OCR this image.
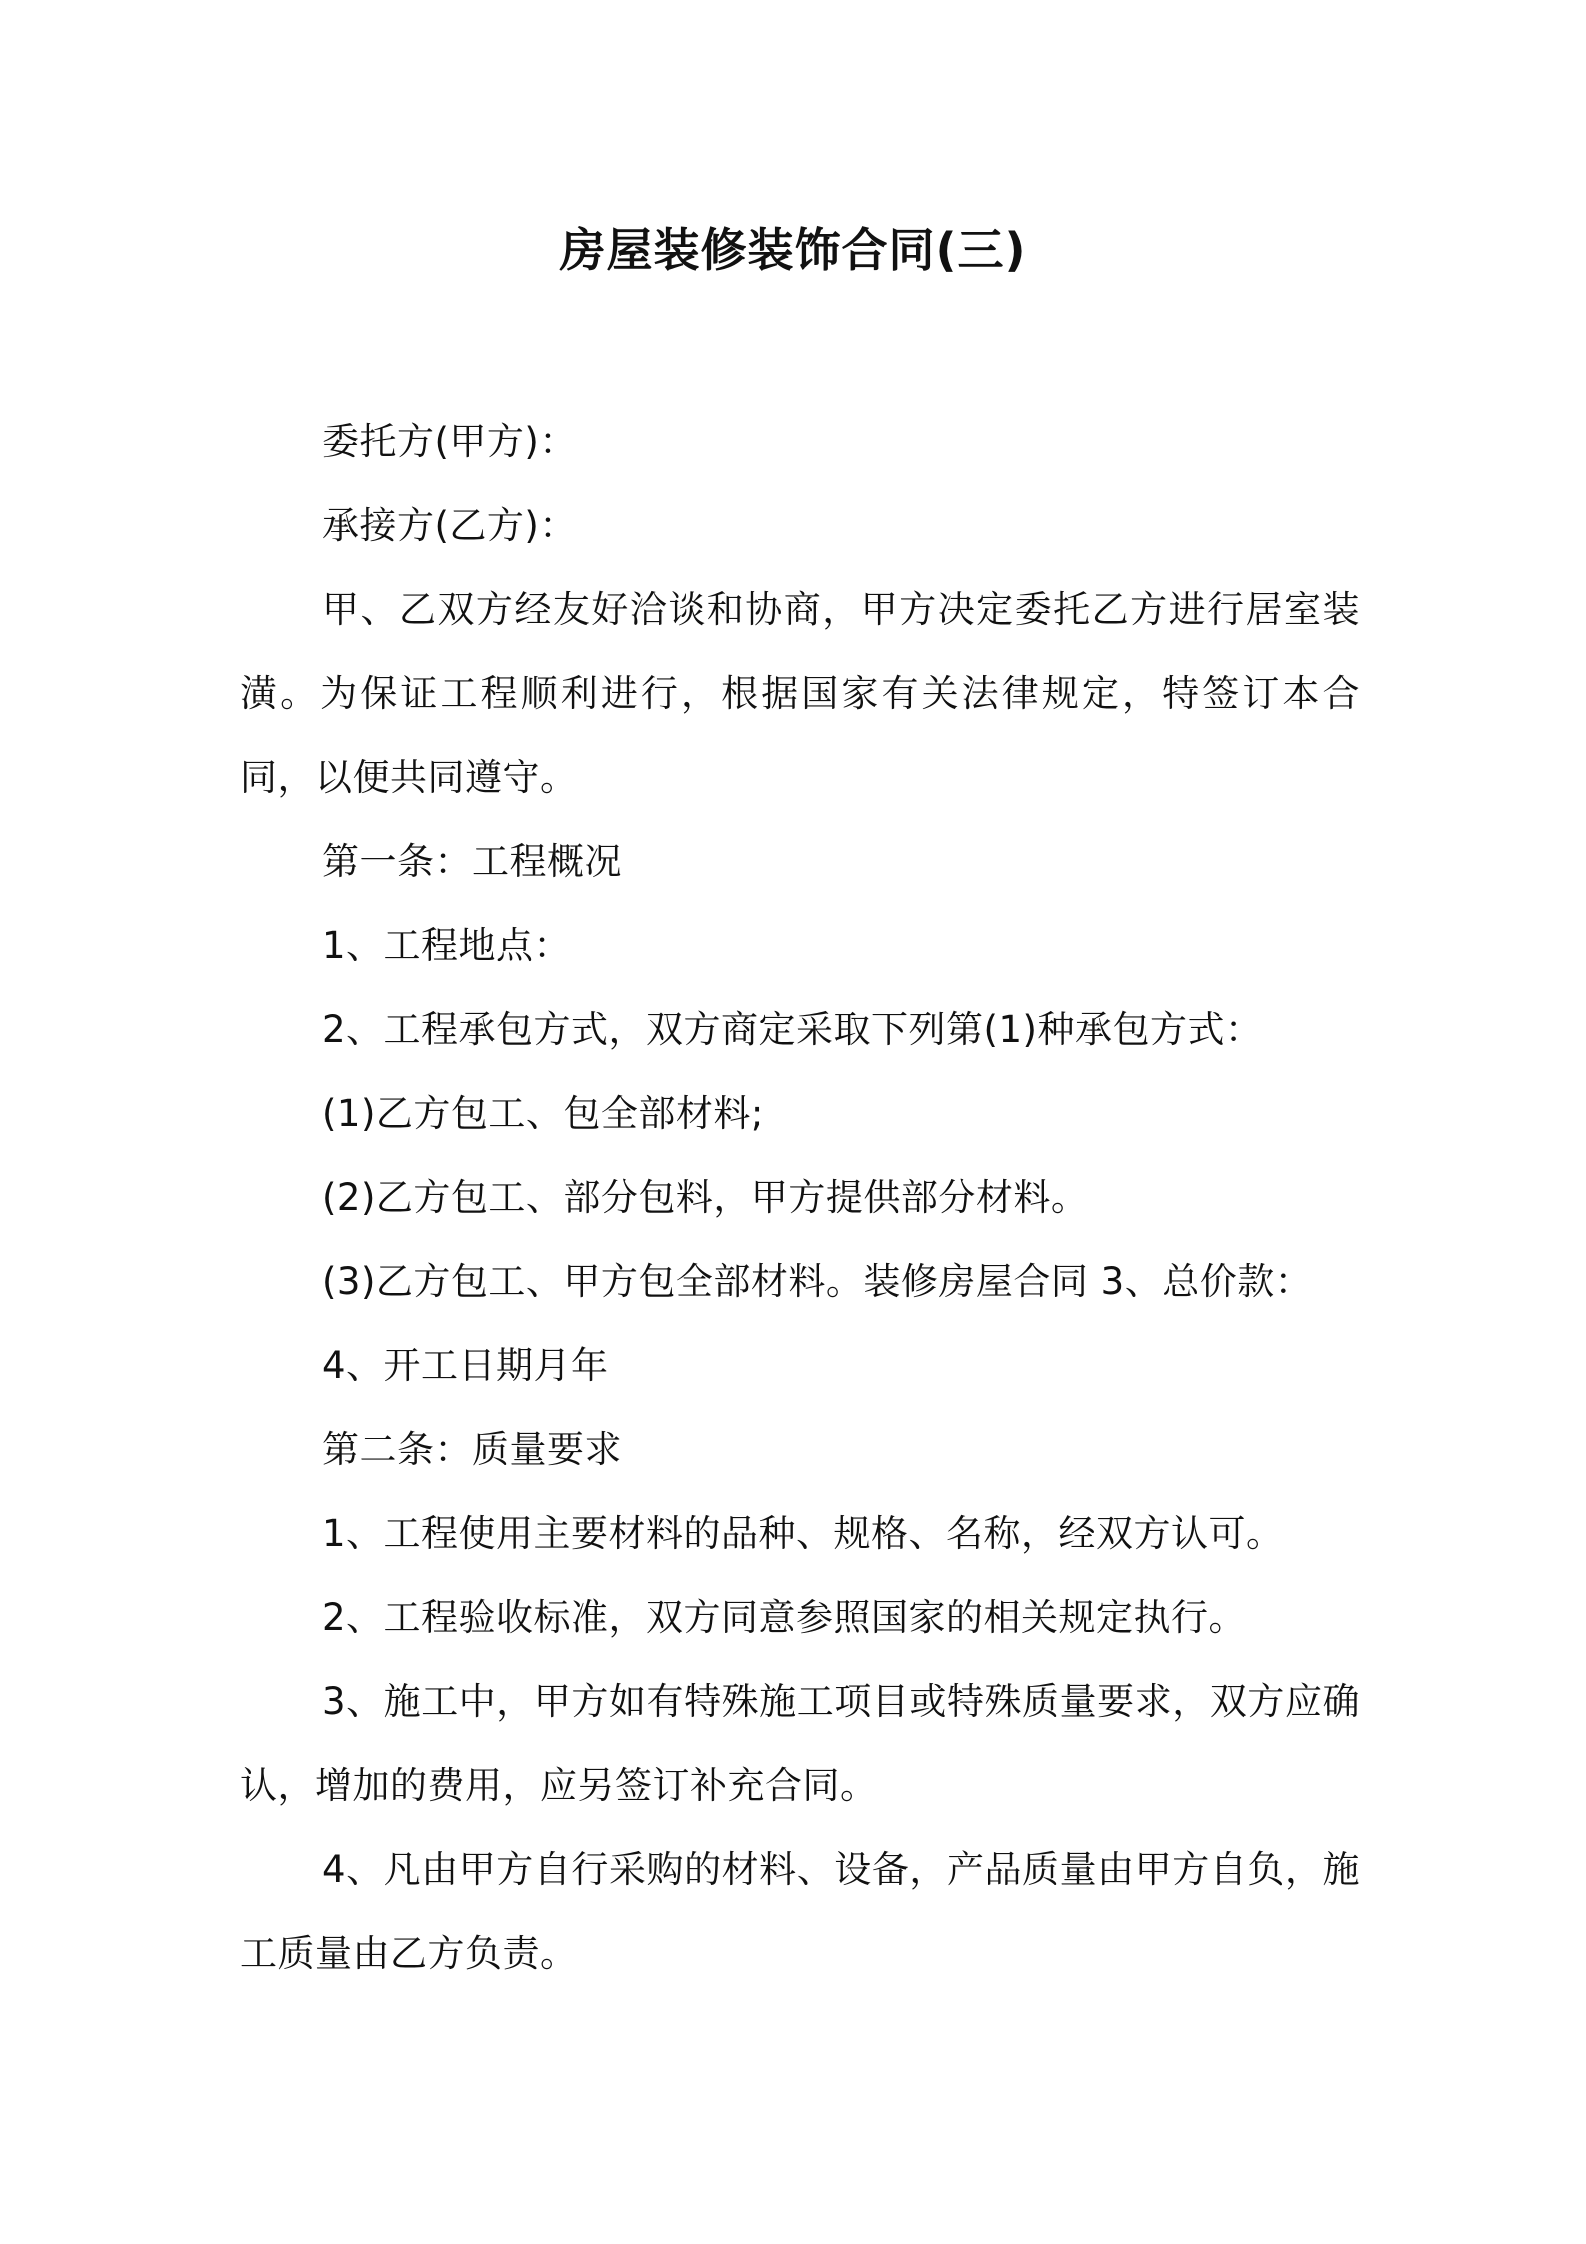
房屋装修装饰合同(三)

委托方(甲方)：

承接方(乙方)：

甲、乙双方经友好洽谈和协商，甲方决定委托乙方进行居室装潢。为保证工程顺利进行，根据国家有关法律规定，特签订本合同，以便共同遵守。

第一条：工程概况

1、工程地点：

2、工程承包方式，双方商定采取下列第(1)种承包方式：

(1)乙方包工、包全部材料;

(2)乙方包工、部分包料，甲方提供部分材料。

(3)乙方包工、甲方包全部材料。装修房屋合同 3、总价款：

4、开工日期月年

第二条：质量要求

1、工程使用主要材料的品种、规格、名称，经双方认可。

2、工程验收标准，双方同意参照国家的相关规定执行。

3、施工中，甲方如有特殊施工项目或特殊质量要求，双方应确认，增加的费用，应另签订补充合同。

4、凡由甲方自行采购的材料、设备，产品质量由甲方自负，施工质量由乙方负责。
